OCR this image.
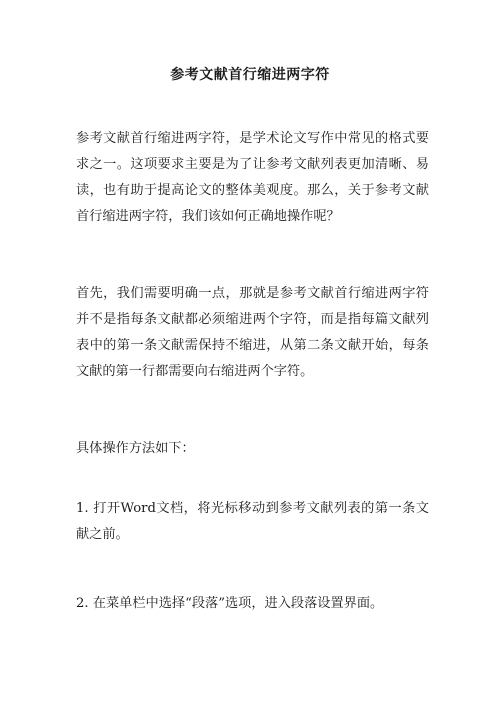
参考文献首行缩进两字符

参考文献首行缩进两字符，是学术论文写作中常见的格式要求之一。这项要求主要是为了让参考文献列表更加清晰、易读，也有助于提高论文的整体美观度。那么，关于参考文献首行缩进两字符，我们该如何正确地操作呢？

首先，我们需要明确一点，那就是参考文献首行缩进两字符并不是指每条文献都必须缩进两个字符，而是指每篇文献列表中的第一条文献需保持不缩进，从第二条文献开始，每条文献的第一行都需要向右缩进两个字符。

具体操作方法如下：

1. 打开Word文档，将光标移动到参考文献列表的第一条文献之前。

2. 在菜单栏中选择“段落”选项，进入段落设置界面。
